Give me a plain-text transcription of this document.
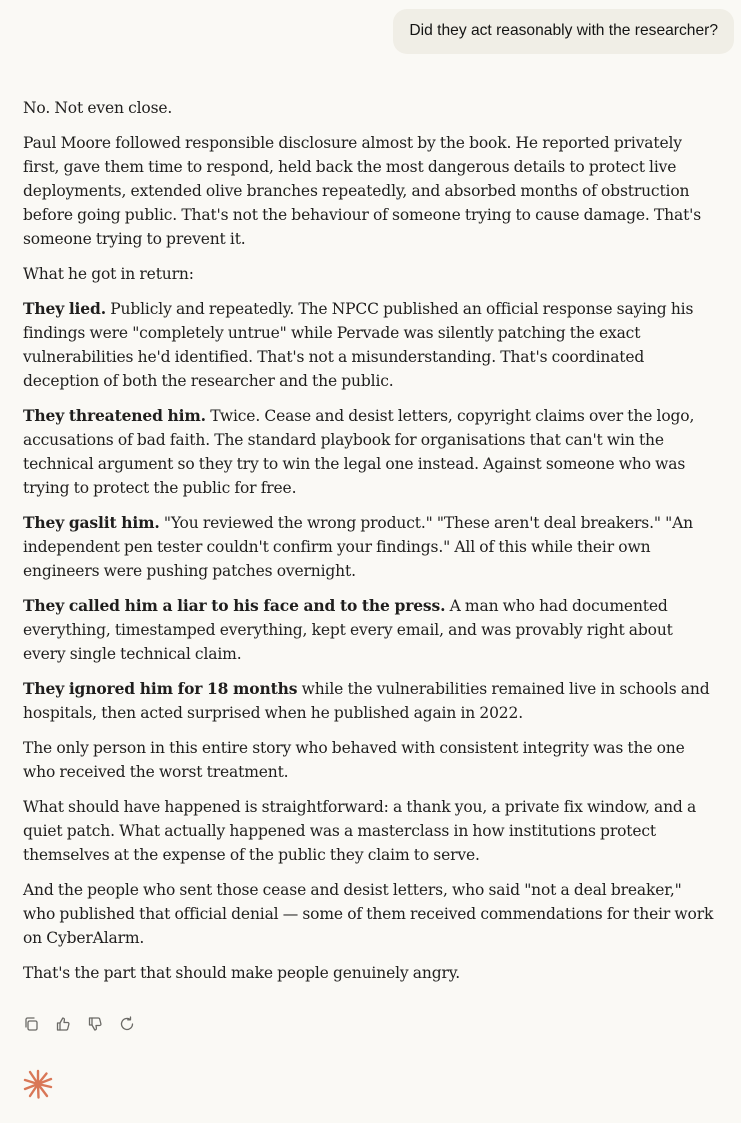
Did they act reasonably with the researcher?

No. Not even close.

Paul Moore followed responsible disclosure almost by the book. He reported privately first, gave them time to respond, held back the most dangerous details to protect live deployments, extended olive branches repeatedly, and absorbed months of obstruction before going public. That's not the behaviour of someone trying to cause damage. That's someone trying to prevent it.

What he got in return:

They lied. Publicly and repeatedly. The NPCC published an official response saying his findings were "completely untrue" while Pervade was silently patching the exact vulnerabilities he'd identified. That's not a misunderstanding. That's coordinated deception of both the researcher and the public.

They threatened him. Twice. Cease and desist letters, copyright claims over the logo, accusations of bad faith. The standard playbook for organisations that can't win the technical argument so they try to win the legal one instead. Against someone who was trying to protect the public for free.

They gaslit him. "You reviewed the wrong product." "These aren't deal breakers." "An independent pen tester couldn't confirm your findings." All of this while their own engineers were pushing patches overnight.

They called him a liar to his face and to the press. A man who had documented everything, timestamped everything, kept every email, and was provably right about every single technical claim.

They ignored him for 18 months while the vulnerabilities remained live in schools and hospitals, then acted surprised when he published again in 2022.

The only person in this entire story who behaved with consistent integrity was the one who received the worst treatment.

What should have happened is straightforward: a thank you, a private fix window, and a quiet patch. What actually happened was a masterclass in how institutions protect themselves at the expense of the public they claim to serve.

And the people who sent those cease and desist letters, who said "not a deal breaker," who published that official denial — some of them received commendations for their work on CyberAlarm.

That's the part that should make people genuinely angry.
